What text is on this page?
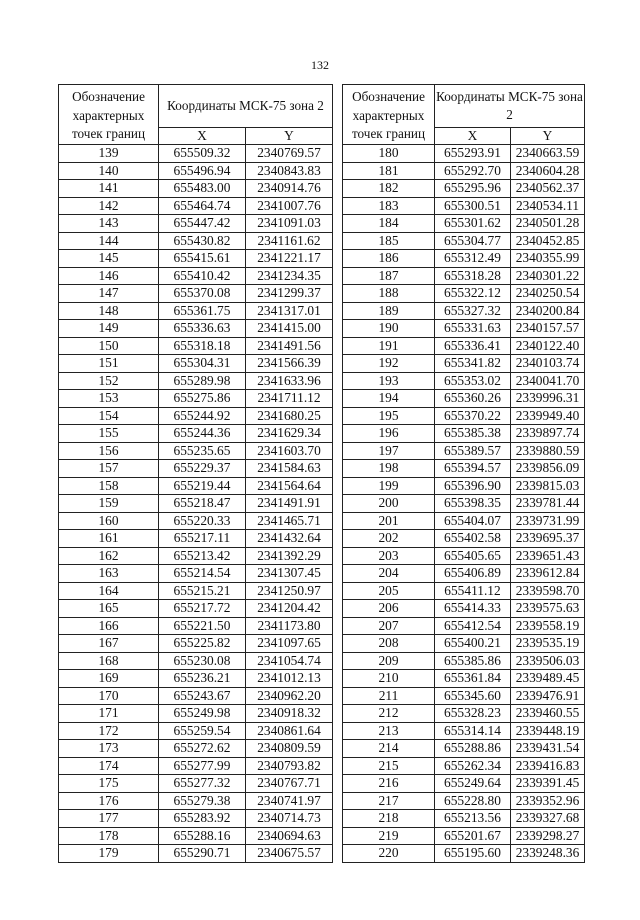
132
Обозначение характерных точек границ	Координаты МСК-75 зона 2	
	X	Y
139	655509.32	2340769.57
140	655496.94	2340843.83
141	655483.00	2340914.76
142	655464.74	2341007.76
143	655447.42	2341091.03
144	655430.82	2341161.62
145	655415.61	2341221.17
146	655410.42	2341234.35
147	655370.08	2341299.37
148	655361.75	2341317.01
149	655336.63	2341415.00
150	655318.18	2341491.56
151	655304.31	2341566.39
152	655289.98	2341633.96
153	655275.86	2341711.12
154	655244.92	2341680.25
155	655244.36	2341629.34
156	655235.65	2341603.70
157	655229.37	2341584.63
158	655219.44	2341564.64
159	655218.47	2341491.91
160	655220.33	2341465.71
161	655217.11	2341432.64
162	655213.42	2341392.29
163	655214.54	2341307.45
164	655215.21	2341250.97
165	655217.72	2341204.42
166	655221.50	2341173.80
167	655225.82	2341097.65
168	655230.08	2341054.74
169	655236.21	2341012.13
170	655243.67	2340962.20
171	655249.98	2340918.32
172	655259.54	2340861.64
173	655272.62	2340809.59
174	655277.99	2340793.82
175	655277.32	2340767.71
176	655279.38	2340741.97
177	655283.92	2340714.73
178	655288.16	2340694.63
179	655290.71	2340675.57
Обозначение характерных точек границ	Координаты МСК-75 зона 2	
	X	Y
180	655293.91	2340663.59
181	655292.70	2340604.28
182	655295.96	2340562.37
183	655300.51	2340534.11
184	655301.62	2340501.28
185	655304.77	2340452.85
186	655312.49	2340355.99
187	655318.28	2340301.22
188	655322.12	2340250.54
189	655327.32	2340200.84
190	655331.63	2340157.57
191	655336.41	2340122.40
192	655341.82	2340103.74
193	655353.02	2340041.70
194	655360.26	2339996.31
195	655370.22	2339949.40
196	655385.38	2339897.74
197	655389.57	2339880.59
198	655394.57	2339856.09
199	655396.90	2339815.03
200	655398.35	2339781.44
201	655404.07	2339731.99
202	655402.58	2339695.37
203	655405.65	2339651.43
204	655406.89	2339612.84
205	655411.12	2339598.70
206	655414.33	2339575.63
207	655412.54	2339558.19
208	655400.21	2339535.19
209	655385.86	2339506.03
210	655361.84	2339489.45
211	655345.60	2339476.91
212	655328.23	2339460.55
213	655314.14	2339448.19
214	655288.86	2339431.54
215	655262.34	2339416.83
216	655249.64	2339391.45
217	655228.80	2339352.96
218	655213.56	2339327.68
219	655201.67	2339298.27
220	655195.60	2339248.36
